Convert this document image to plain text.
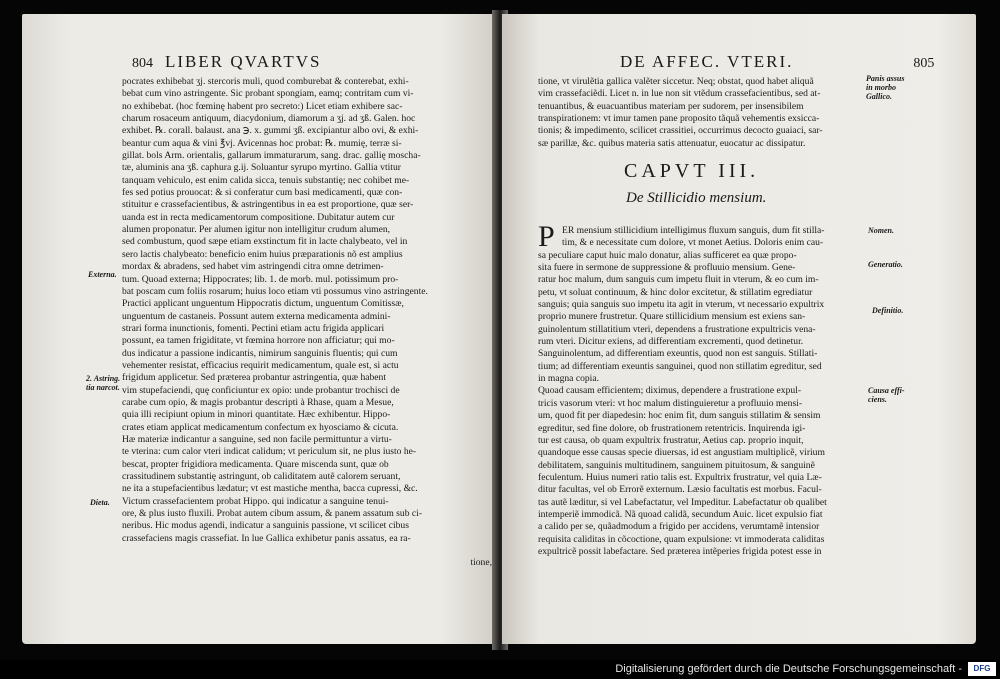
804 LIBER QVARTVS
pocrates exhibebat ʒj. stercoris muli, quod comburebat & conterebat, exhi-
bebat cum vino astringente. Sic probant spongiam, eamq; contritam cum vi-
no exhibebat. (hoc fœminę habent pro secreto:) Licet etiam exhibere sac-
charum rosaceum antiquum, diacydonium, diamorum a ʒj. ad ʒß. Galen. hoc
exhibet. ℞. corall. balaust. ana ℈. x. gummi ʒß. excipiantur albo ovi, & exhi-
beantur cum aqua & vini ℥vj. Avicennas hoc probat: ℞. mumię, terræ si-
gillat. bols Arm. orientalis, gallarum immaturarum, sang. drac. gallię moscha-
tæ, aluminis ana ʒß. caphura g.ij. Soluantur syrupo myrtino. Gallia vtitur
tanquam vehiculo, est enim calida sicca, tenuis substantię; nec cohibet me-
fes sed potius prouocat: & si conferatur cum basi medicamenti, quæ con-
stituitur e crassefacientibus, & astringentibus in ea est proportione, quæ ser-
uanda est in recta medicamentorum compositione. Dubitatur autem cur
alumen proponatur. Per alumen igitur non intelligitur crudum alumen,
sed combustum, quod sæpe etiam exstinctum fit in lacte chalybeato, vel in
sero lactis chalybeato: beneficio enim huius præparationis nõ est amplius
mordax & abradens, sed habet vim astringendi citra omne detrimen-
tum. Quoad externa; Hippocrates; lib. 1. de morb. mul. potissimum pro-
bat poscam cum foliis rosarum; huius loco etiam vti possumus vino astringente.
Practici applicant unguentum Hippocratis dictum, unguentum Comitissæ,
unguentum de castaneis. Possunt autem externa medicamenta admini-
strari forma inunctionis, fomenti. Pectini etiam actu frigida applicari
possunt, ea tamen frigiditate, vt fœmina horrore non afficiatur; qui mo-
dus indicatur a passione indicantis, nimirum sanguinis fluentis; qui cum
vehementer resistat, efficacius requirit medicamentum, quale est, si actu
frigidum applicetur. Sed præterea probantur astringentia, quæ habent
vim stupefaciendi, quę conficiuntur ex opio: unde probantur trochisci de
carabe cum opio, & magis probantur descripti à Rhase, quam a Mesue,
quia illi recipiunt opium in minori quantitate. Hæc exhibentur. Hippo-
crates etiam applicat medicamentum confectum ex hyosciamo & cicuta.
Hæ materiæ indicantur a sanguine, sed non facile permittuntur a virtu-
te vterina: cum calor vteri indicat calidum; vt periculum sit, ne plus iusto he-
bescat, propter frigidiora medicamenta. Quare miscenda sunt, quæ ob
crassitudinem substantię astringunt, ob caliditatem autẽ calorem seruant,
ne ita a stupefacientibus lædatur; vt est mastiche mentha, bacca cupressi, &c.
Victum crassefacientem probat Hippo. qui indicatur a sanguine tenui-
ore, & plus iusto fluxili. Probat autem cibum assum, & panem assatum sub ci-
neribus. Hic modus agendi, indicatur a sanguinis passione, vt scilicet cibus
crassefaciens magis crassefiat. In lue Gallica exhibetur panis assatus, ea ra-
tione,
Externa.
2. Astring. tia narcot.
Dieta.
DE AFFEC. VTERI.	805
tione, vt virulẽtia gallica valẽter siccetur. Neq; obstat, quod habet aliquã
vim crassefaciẽdi. Licet n. in lue non sit vtẽdum crassefacientibus, sed at-
tenuantibus, & euacuantibus materiam per sudorem, per insensibilem
transpirationem: vt imur tamen pane proposito tãquã vehementis exsicca-
tionis; & impedimento, scilicet crassitiei, occurrimus decocto guaiaci, sar-
sæ parillæ, &c. quibus materia satis attenuatur, euocatur ac dissipatur.
Panis assus in morbo Gallico.
CAPVT III.
De Stillicidio mensium.
P ER mensium stillicidium intelligimus fluxum sanguis, dum fit stilla-
tim, & e necessitate cum dolore, vt monet Aetius. Doloris enim cau-
sa peculiare caput huic malo donatur, alias sufficeret ea quæ propo-
sita fuere in sermone de suppressione & profluuio mensium. Gene-
ratur hoc malum, dum sanguis cum impetu fluit in vterum, & eo cum im-
petu, vt soluat continuum, & hinc dolor excitetur, & stillatim egrediatur
sanguis; quia sanguis suo impetu ita agit in vterum, vt necessario expultrix
proprio munere frustretur. Quare stillicidium mensium est exiens san-
guinolentum stillatitium vteri, dependens a frustratione expultricis vena-
rum vteri. Dicitur exiens, ad differentiam excrementi, quod detinetur.
Sanguinolentum, ad differentiam exeuntis, quod non est sanguis. Stillati-
tium; ad differentiam exeuntis sanguinei, quod non stillatim egreditur, sed
in magna copia.
Quoad causam efficientem; diximus, dependere a frustratione expul-
tricis vasorum vteri: vt hoc malum distinguieretur a profluuio mensi-
um, quod fit per diapedesin: hoc enim fit, dum sanguis stillatim & sensim
egreditur, sed fine dolore, ob frustrationem retentricis. Inquirenda igi-
tur est causa, ob quam expultrix frustratur, Aetius cap. proprio inquit,
quandoque esse causas specie diuersas, id est angustiam multiplicẽ, virium
debilitatem, sanguinis multitudinem, sanguinem pituitosum, & sanguinẽ
feculentum. Huius numeri ratio talis est. Expultrix frustratur, vel quia Læ-
ditur facultas, vel ob Errorẽ externum. Læsio facultatis est morbus. Facul-
tas autẽ læditur, si vel Labefactatur, vel Impeditur. Labefactatur ob qualibet
intemperiẽ immodicã. Nã quoad calidã, secundum Auic. licet expulsio fiat
a calido per se, quãadmodum a frigido per accidens, verumtamẽ intensior
requisita caliditas in cõcoctione, quam expulsione: vt immoderata caliditas
expultricẽ possit labefactare. Sed præterea intẽperies frigida potest esse in
Nomen.
Generatio.
Definitio.
Causa effi- ciens.
Digitalisierung gefördert durch die Deutsche Forschungsgemeinschaft -	DFG
